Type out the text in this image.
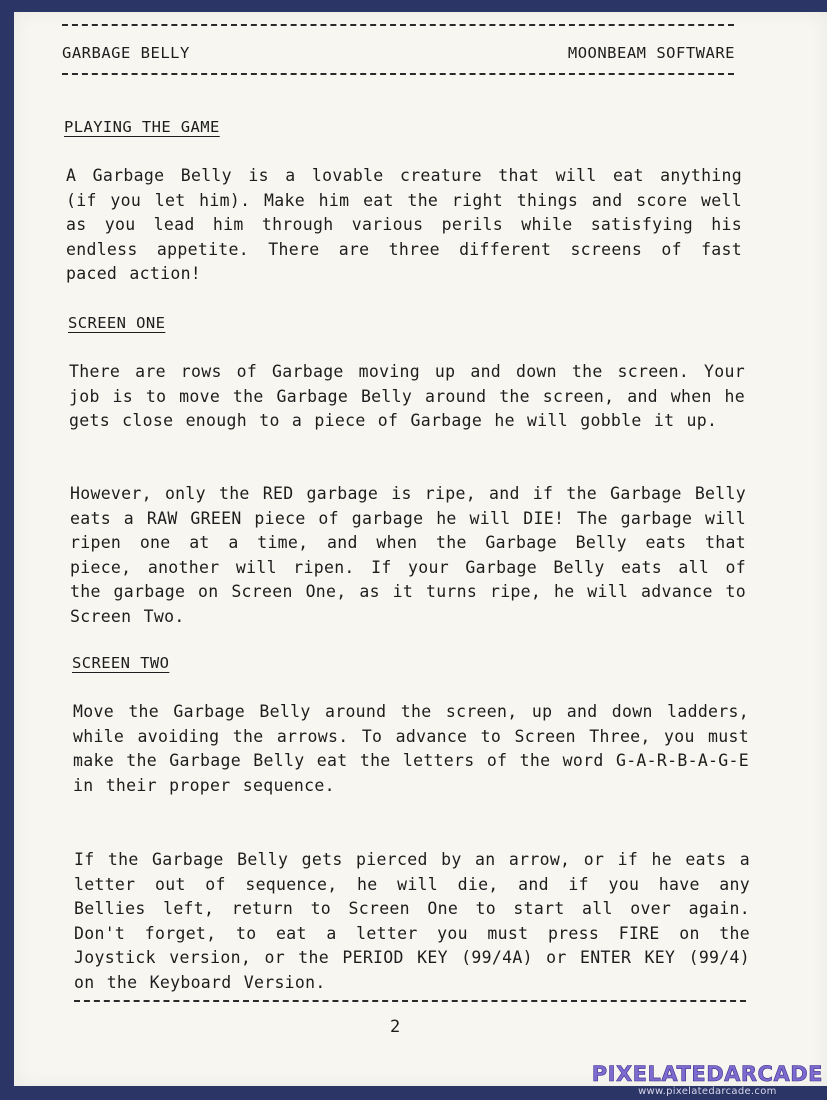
GARBAGE BELLY	MOONBEAM SOFTWARE
PLAYING THE GAME
A Garbage Belly is a lovable creature that will eat anything (if you let him). Make him eat the right things and score well as you lead him through various perils while satisfying his endless appetite. There are three different screens of fast paced action!
SCREEN ONE
There are rows of Garbage moving up and down the screen. Your job is to move the Garbage Belly around the screen, and when he gets close enough to a piece of Garbage he will gobble it up.
However, only the RED garbage is ripe, and if the Garbage Belly eats a RAW GREEN piece of garbage he will DIE! The garbage will ripen one at a time, and when the Garbage Belly eats that piece, another will ripen. If your Garbage Belly eats all of the garbage on Screen One, as it turns ripe, he will advance to Screen Two.
SCREEN TWO
Move the Garbage Belly around the screen, up and down ladders, while avoiding the arrows. To advance to Screen Three, you must make the Garbage Belly eat the letters of the word G-A-R-B-A-G-E in their proper sequence.
If the Garbage Belly gets pierced by an arrow, or if he eats a letter out of sequence, he will die, and if you have any Bellies left, return to Screen One to start all over again. Don't forget, to eat a letter you must press FIRE on the Joystick version, or the PERIOD KEY (99/4A) or ENTER KEY (99/4) on the Keyboard Version.
2
PIXELATEDARCADE
www.pixelatedarcade.com
